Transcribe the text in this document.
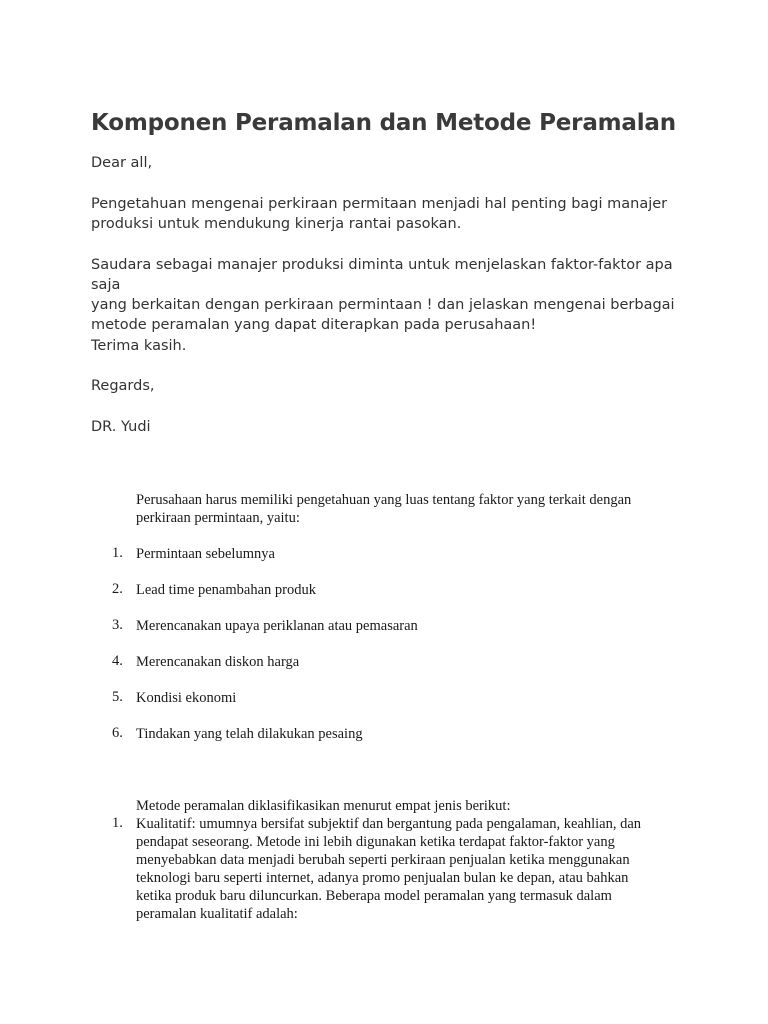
Komponen Peramalan dan Metode Peramalan
Dear all,
Pengetahuan mengenai perkiraan permitaan menjadi hal penting bagi manajer
produksi untuk mendukung kinerja rantai pasokan.
Saudara sebagai manajer produksi diminta untuk menjelaskan faktor-faktor apa saja
yang berkaitan dengan perkiraan permintaan ! dan jelaskan mengenai berbagai
metode peramalan yang dapat diterapkan pada perusahaan!
Terima kasih.
Regards,
DR. Yudi
Perusahaan harus memiliki pengetahuan yang luas tentang faktor yang terkait dengan
perkiraan permintaan, yaitu:
1. Permintaan sebelumnya
2. Lead time penambahan produk
3. Merencanakan upaya periklanan atau pemasaran
4. Merencanakan diskon harga
5. Kondisi ekonomi
6. Tindakan yang telah dilakukan pesaing
Metode peramalan diklasifikasikan menurut empat jenis berikut:
1. Kualitatif: umumnya bersifat subjektif dan bergantung pada pengalaman, keahlian, dan
pendapat seseorang. Metode ini lebih digunakan ketika terdapat faktor-faktor yang
menyebabkan data menjadi berubah seperti perkiraan penjualan ketika menggunakan
teknologi baru seperti internet, adanya promo penjualan bulan ke depan, atau bahkan
ketika produk baru diluncurkan. Beberapa model peramalan yang termasuk dalam
peramalan kualitatif adalah:
